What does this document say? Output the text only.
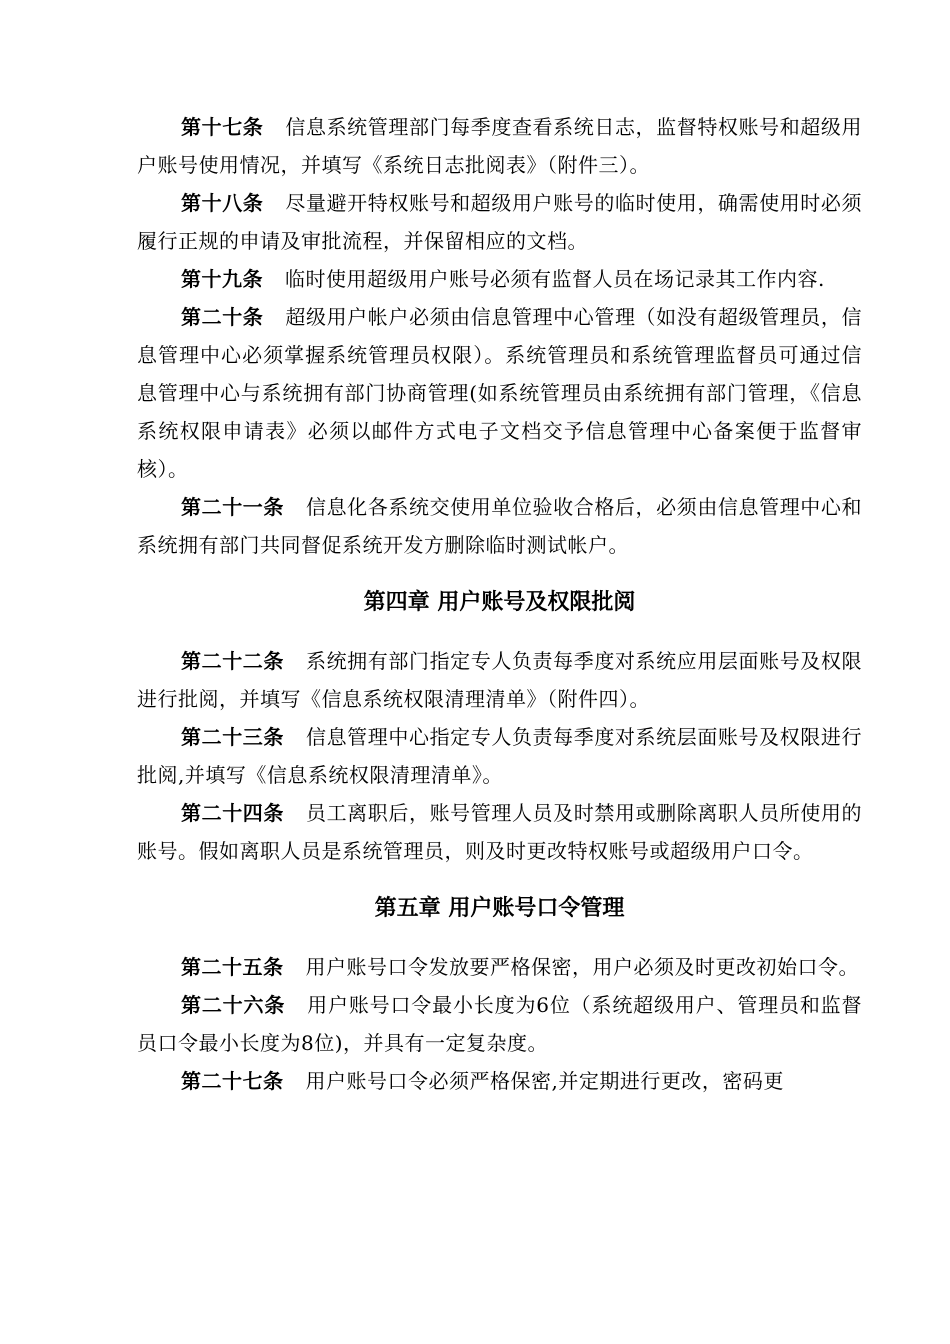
第十七条 信息系统管理部门每季度查看系统日志，监督特权账号和超级用户账号使用情况，并填写《系统日志批阅表》（附件三）。

第十八条 尽量避开特权账号和超级用户账号的临时使用，确需使用时必须履行正规的申请及审批流程，并保留相应的文档。

第十九条 临时使用超级用户账号必须有监督人员在场记录其工作内容.

第二十条 超级用户帐户必须由信息管理中心管理（如没有超级管理员，信息管理中心必须掌握系统管理员权限）。系统管理员和系统管理监督员可通过信息管理中心与系统拥有部门协商管理(如系统管理员由系统拥有部门管理，《信息系统权限申请表》必须以邮件方式电子文档交予信息管理中心备案便于监督审核）。

第二十一条 信息化各系统交使用单位验收合格后，必须由信息管理中心和系统拥有部门共同督促系统开发方删除临时测试帐户。

第四章 用户账号及权限批阅

第二十二条 系统拥有部门指定专人负责每季度对系统应用层面账号及权限进行批阅，并填写《信息系统权限清理清单》（附件四）。

第二十三条 信息管理中心指定专人负责每季度对系统层面账号及权限进行批阅,并填写《信息系统权限清理清单》。

第二十四条 员工离职后，账号管理人员及时禁用或删除离职人员所使用的账号。假如离职人员是系统管理员，则及时更改特权账号或超级用户口令。

第五章 用户账号口令管理

第二十五条 用户账号口令发放要严格保密，用户必须及时更改初始口令。

第二十六条 用户账号口令最小长度为6位（系统超级用户、管理员和监督员口令最小长度为8位)，并具有一定复杂度。

第二十七条 用户账号口令必须严格保密,并定期进行更改，密码更
